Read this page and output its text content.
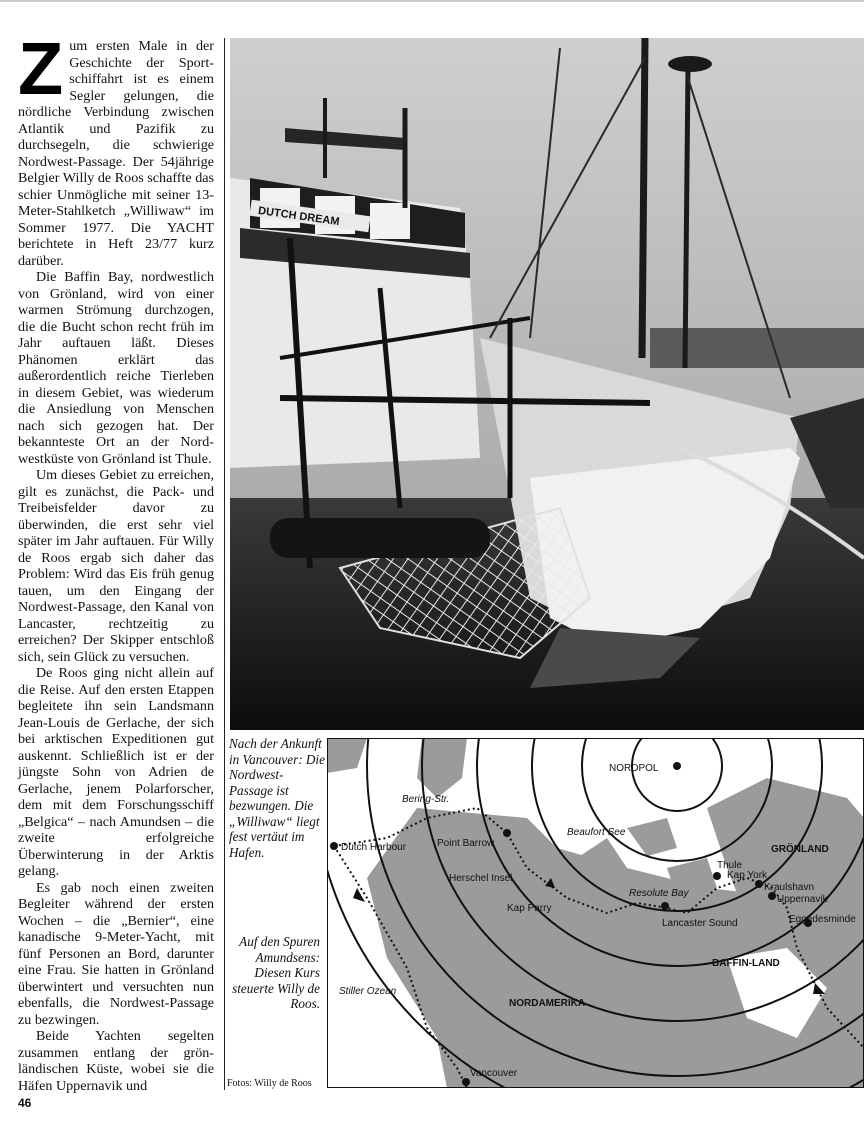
Zum ersten Male in der Geschichte der Sportschiffahrt ist es einem Segler gelungen, die nördliche Verbindung zwischen Atlantik und Pazifik zu durchsegeln, die schwierige Nordwest-Passage. Der 54jährige Belgier Willy de Roos schaffte das schier Unmögliche mit seiner 13-Meter-Stahlketch „Williwaw“ im Sommer 1977. Die YACHT berichtete in Heft 23/77 kurz darüber.

Die Baffin Bay, nordwestlich von Grönland, wird von einer warmen Strömung durchzogen, die die Bucht schon recht früh im Jahr auftauen läßt. Dieses Phänomen erklärt das außerordentlich reiche Tierleben in diesem Gebiet, was wiederum die Ansiedlung von Menschen nach sich gezogen hat. Der bekannteste Ort an der Nordwestküste von Grönland ist Thule.

Um dieses Gebiet zu erreichen, gilt es zunächst, die Pack- und Treibeisfelder davor zu überwinden, die erst sehr viel später im Jahr auftauen. Für Willy de Roos ergab sich daher das Problem: Wird das Eis früh genug tauen, um den Eingang der Nordwest-Passage, den Kanal von Lancaster, rechtzeitig zu erreichen? Der Skipper entschloß sich, sein Glück zu versuchen.

De Roos ging nicht allein auf die Reise. Auf den ersten Etappen begleitete ihn sein Landsmann Jean-Louis de Gerlache, der sich bei arktischen Expeditionen gut auskennt. Schließlich ist er der jüngste Sohn von Adrien de Gerlache, jenem Polarforscher, dem mit dem Forschungsschiff „Belgica“ – nach Amundsen – die zweite erfolgreiche Überwinterung in der Arktis gelang.

Es gab noch einen zweiten Begleiter während der ersten Wochen – die „Bernier“, eine kanadische 9-Meter-Yacht, mit fünf Personen an Bord, darunter eine Frau. Sie hatten in Grönland überwintert und versuchten nun ebenfalls, die Nordwest-Passage zu bezwingen.

Beide Yachten segelten zusammen entlang der grönländischen Küste, wobei sie die Häfen Uppernavik und

DUTCH DREAM
Nach der Ankunft in Vancouver: Die Nordwest-Passage ist bezwungen. Die „Williwaw“ liegt fest vertäut im Hafen.
Auf den Spuren Amundsens: Diesen Kurs steuerte Willy de Roos.
Fotos: Willy de Roos
NORDPOL
Bering-Str.
Beaufort See
GRÖNLAND
Dutch Harbour	Point Barrow
Herschel Insel
Thule
Kap York
Kraulshavn
Uppernavik
Resolute Bay
Eggedesminde
Kap Parry
Lancaster Sound
BAFFIN-LAND
Stiller Ozean
NORDAMERIKA
Vancouver
46
